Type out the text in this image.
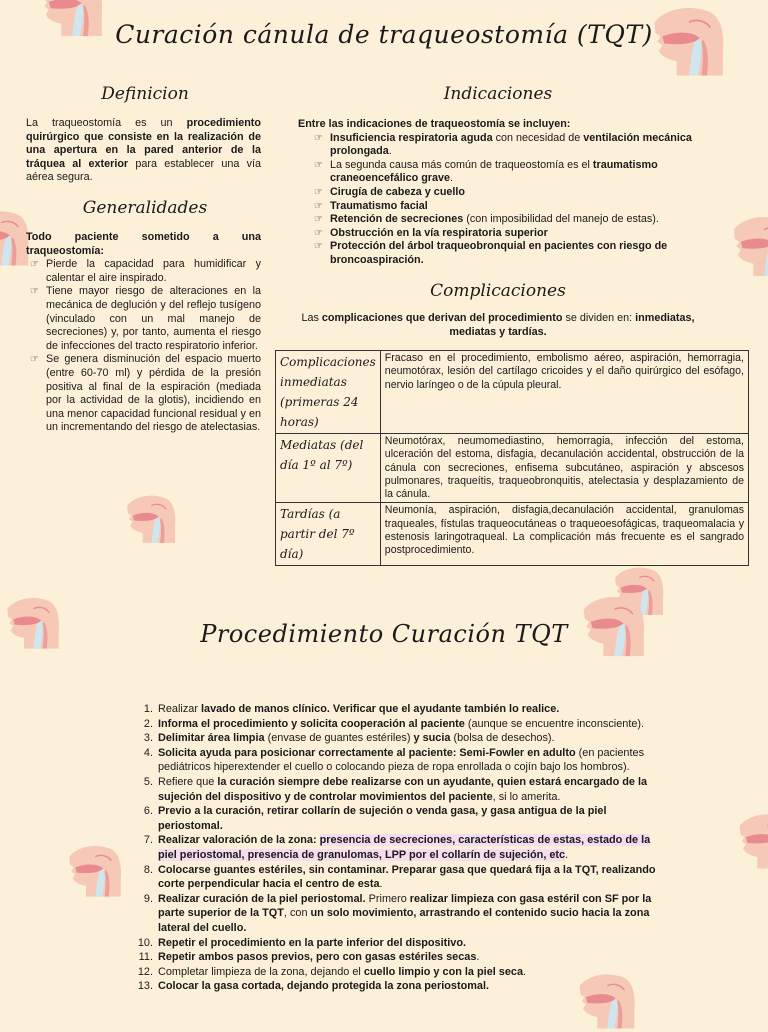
Curación cánula de traqueostomía (TQT)
Definicion

La traqueostomía es un procedimiento quirúrgico que consiste en la realización de una apertura en la pared anterior de la tráquea al exterior para establecer una vía aérea segura.

Generalidades
Todo paciente sometido a una traqueostomía:
☞ Pierde la capacidad para humidificar y calentar el aire inspirado.
☞ Tiene mayor riesgo de alteraciones en la mecánica de deglución y del reflejo tusígeno (vinculado con un mal manejo de secreciones) y, por tanto, aumenta el riesgo de infecciones del tracto respiratorio inferior.
☞ Se genera disminución del espacio muerto (entre 60-70 ml) y pérdida de la presión positiva al final de la espiración (mediada por la actividad de la glotis), incidiendo en una menor capacidad funcional residual y en un incrementando del riesgo de atelectasias.
Indicaciones
Entre las indicaciones de traqueostomía se incluyen:
☞ Insuficiencia respiratoria aguda con necesidad de ventilación mecánica prolongada.
☞ La segunda causa más común de traqueostomía es el traumatismo craneoencefálico grave.
☞ Cirugía de cabeza y cuello
☞ Traumatismo facial
☞ Retención de secreciones (con imposibilidad del manejo de estas).
☞ Obstrucción en la vía respiratoria superior
☞ Protección del árbol traqueobronquial en pacientes con riesgo de broncoaspiración.
Complicaciones

Las complicaciones que derivan del procedimiento se dividen en: inmediatas, mediatas y tardías.

Complicaciones inmediatas (primeras 24 horas)	Fracaso en el procedimiento, embolismo aéreo, aspiración, hemorragia, neumotórax, lesión del cartílago cricoides y el daño quirúrgico del esófago, nervio laríngeo o de la cúpula pleural.
Mediatas (del día 1º al 7º)	Neumotórax, neumomediastino, hemorragia, infección del estoma, ulceración del estoma, disfagia, decanulación accidental, obstrucción de la cánula con secreciones, enfisema subcutáneo, aspiración y abscesos pulmonares, traqueítis, traqueobronquitis, atelectasia y desplazamiento de la cánula.
Tardías (a partir del 7º día)	Neumonía, aspiración, disfagia,decanulación accidental, granulomas traqueales, fístulas traqueocutáneas o traqueoesofágicas, traqueomalacia y estenosis laringotraqueal. La complicación más frecuente es el sangrado postprocedimiento.
Procedimiento Curación TQT
1. Realizar lavado de manos clínico. Verificar que el ayudante también lo realice.
2. Informa el procedimiento y solicita cooperación al paciente (aunque se encuentre inconsciente).
3. Delimitar área limpia (envase de guantes estériles) y sucia (bolsa de desechos).
4. Solicita ayuda para posicionar correctamente al paciente: Semi-Fowler en adulto (en pacientes pediátricos hiperextender el cuello o colocando pieza de ropa enrollada o cojín bajo los hombros).
5. Refiere que la curación siempre debe realizarse con un ayudante, quien estará encargado de la sujeción del dispositivo y de controlar movimientos del paciente, si lo amerita.
6. Previo a la curación, retirar collarín de sujeción o venda gasa, y gasa antigua de la piel periostomal.
7. Realizar valoración de la zona: presencia de secreciones, características de estas, estado de la piel periostomal, presencia de granulomas, LPP por el collarín de sujeción, etc.
8. Colocarse guantes estériles, sin contaminar. Preparar gasa que quedará fija a la TQT, realizando corte perpendicular hacia el centro de esta.
9. Realizar curación de la piel periostomal. Primero realizar limpieza con gasa estéril con SF por la parte superior de la TQT, con un solo movimiento, arrastrando el contenido sucio hacia la zona lateral del cuello.
10. Repetir el procedimiento en la parte inferior del dispositivo.
11. Repetir ambos pasos previos, pero con gasas estériles secas.
12. Completar limpieza de la zona, dejando el cuello limpio y con la piel seca.
13. Colocar la gasa cortada, dejando protegida la zona periostomal.
